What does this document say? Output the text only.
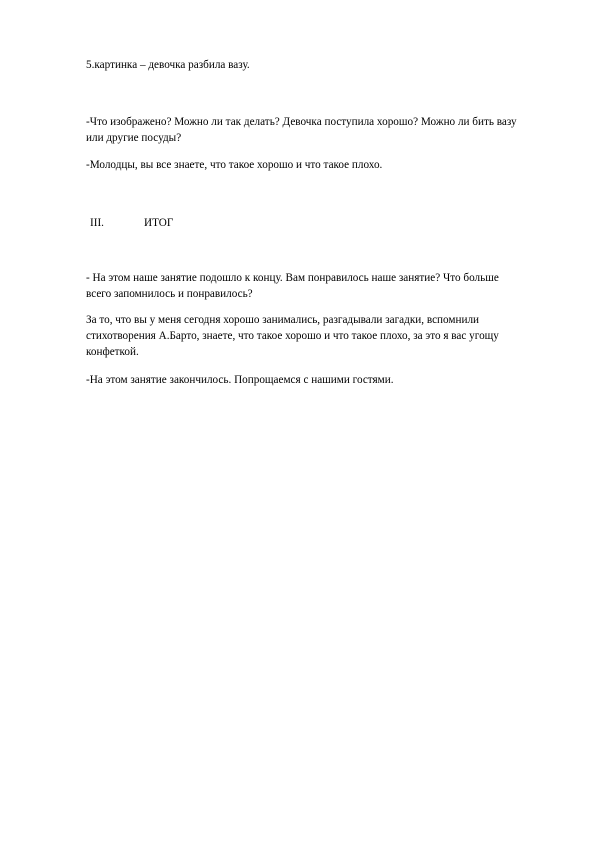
5.картинка – девочка разбила вазу.

-Что изображено? Можно ли так делать? Девочка поступила хорошо? Можно ли бить вазу
или другие посуды?

-Молодцы, вы все знаете, что такое хорошо и что такое плохо.

III.	ИТОГ

- На этом наше занятие подошло к концу. Вам понравилось наше занятие? Что больше
всего запомнилось и понравилось?

За то, что вы у меня сегодня хорошо занимались, разгадывали загадки, вспомнили
стихотворения А.Барто, знаете, что такое хорошо и что такое плохо, за это я вас угощу
конфеткой.

-На этом занятие закончилось. Попрощаемся с нашими гостями.
